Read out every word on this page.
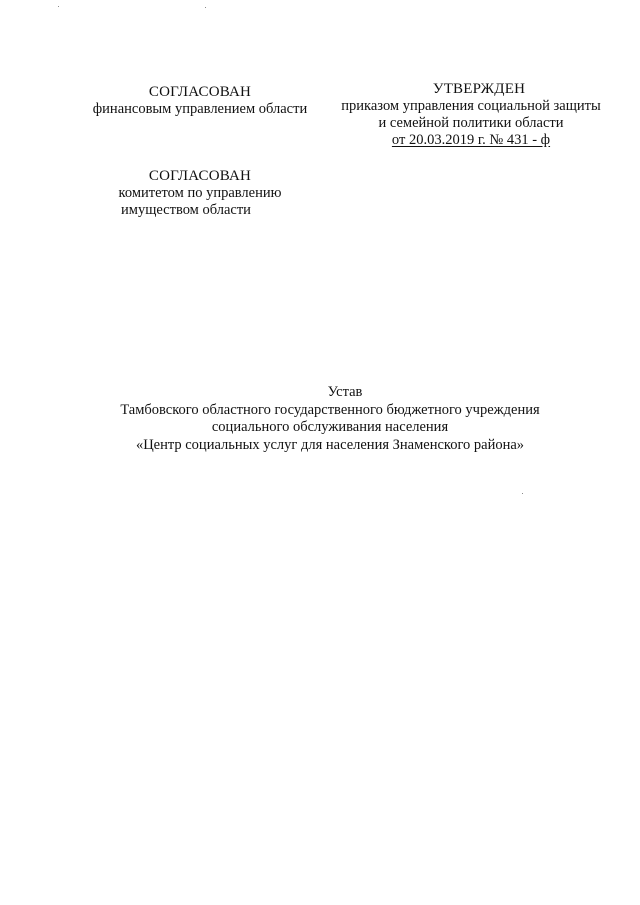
СОГЛАСОВАН
финансовым управлением области
СОГЛАСОВАН
комитетом по управлению
имуществом области
УТВЕРЖДЕН
приказом управления социальной защиты
и семейной политики области
от 20.03.2019 г. № 431 - ф
Устав
Тамбовского областного государственного бюджетного учреждения
социального обслуживания населения
«Центр социальных услуг для населения Знаменского района»
